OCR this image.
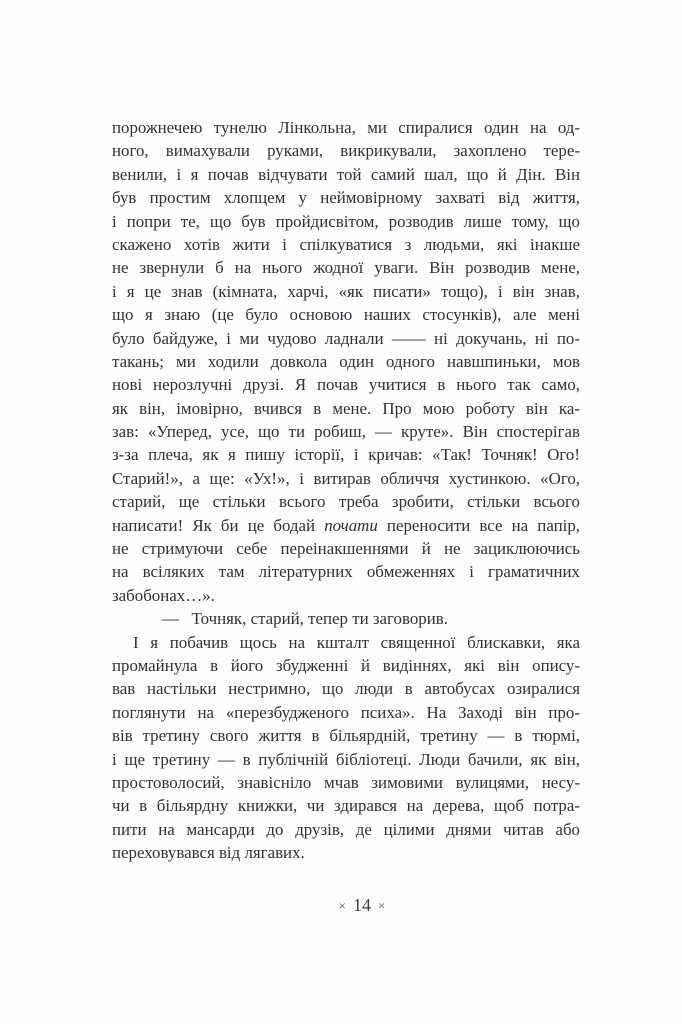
порожнечею тунелю Лінкольна, ми спиралися один на од-
ного, вимахували руками, викрикували, захоплено тере-
венили, і я почав відчувати той самий шал, що й Дін. Він
був простим хлопцем у неймовірному захваті від життя,
і попри те, що був пройдисвітом, розводив лише тому, що
скажено хотів жити і спілкуватися з людьми, які інакше
не звернули б на нього жодної уваги. Він розводив мене,
і я це знав (кімната, харчі, «як писати» тощо), і він знав,
що я знаю (це було основою наших стосунків), але мені
було байдуже, і ми чудово ладнали —— ні докучань, ні по-
такань; ми ходили довкола один одного навшпиньки, мов
нові нерозлучні друзі. Я почав учитися в нього так само,
як він, імовірно, вчився в мене. Про мою роботу він ка-
зав: «Уперед, усе, що ти робиш, — круте». Він спостерігав
з-за плеча, як я пишу історії, і кричав: «Так! Точняк! Ого!
Старий!», а ще: «Ух!», і витирав обличчя хустинкою. «Ого,
старий, ще стільки всього треба зробити, стільки всього
написати! Як би це бодай почати переносити все на папір,
не стримуючи себе переінакшеннями й не зациклюючись
на всіляких там літературних обмеженнях і граматичних
забобонах…».
—  Точняк, старий, тепер ти заговорив.
І я побачив щось на кшталт священної блискавки, яка
промайнула в його збудженні й видіннях, які він опису-
вав настільки нестримно, що люди в автобусах озиралися
поглянути на «перезбудженого психа». На Заході він про-
вів третину свого життя в більярдній, третину — в тюрмі,
і ще третину — в публічній бібліотеці. Люди бачили, як він,
простоволосий, знавісніло мчав зимовими вулицями, несу-
чи в більярдну книжки, чи здирався на дерева, щоб потра-
пити на мансарди до друзів, де цілими днями читав або
переховувався від лягавих.
× 14 ×
